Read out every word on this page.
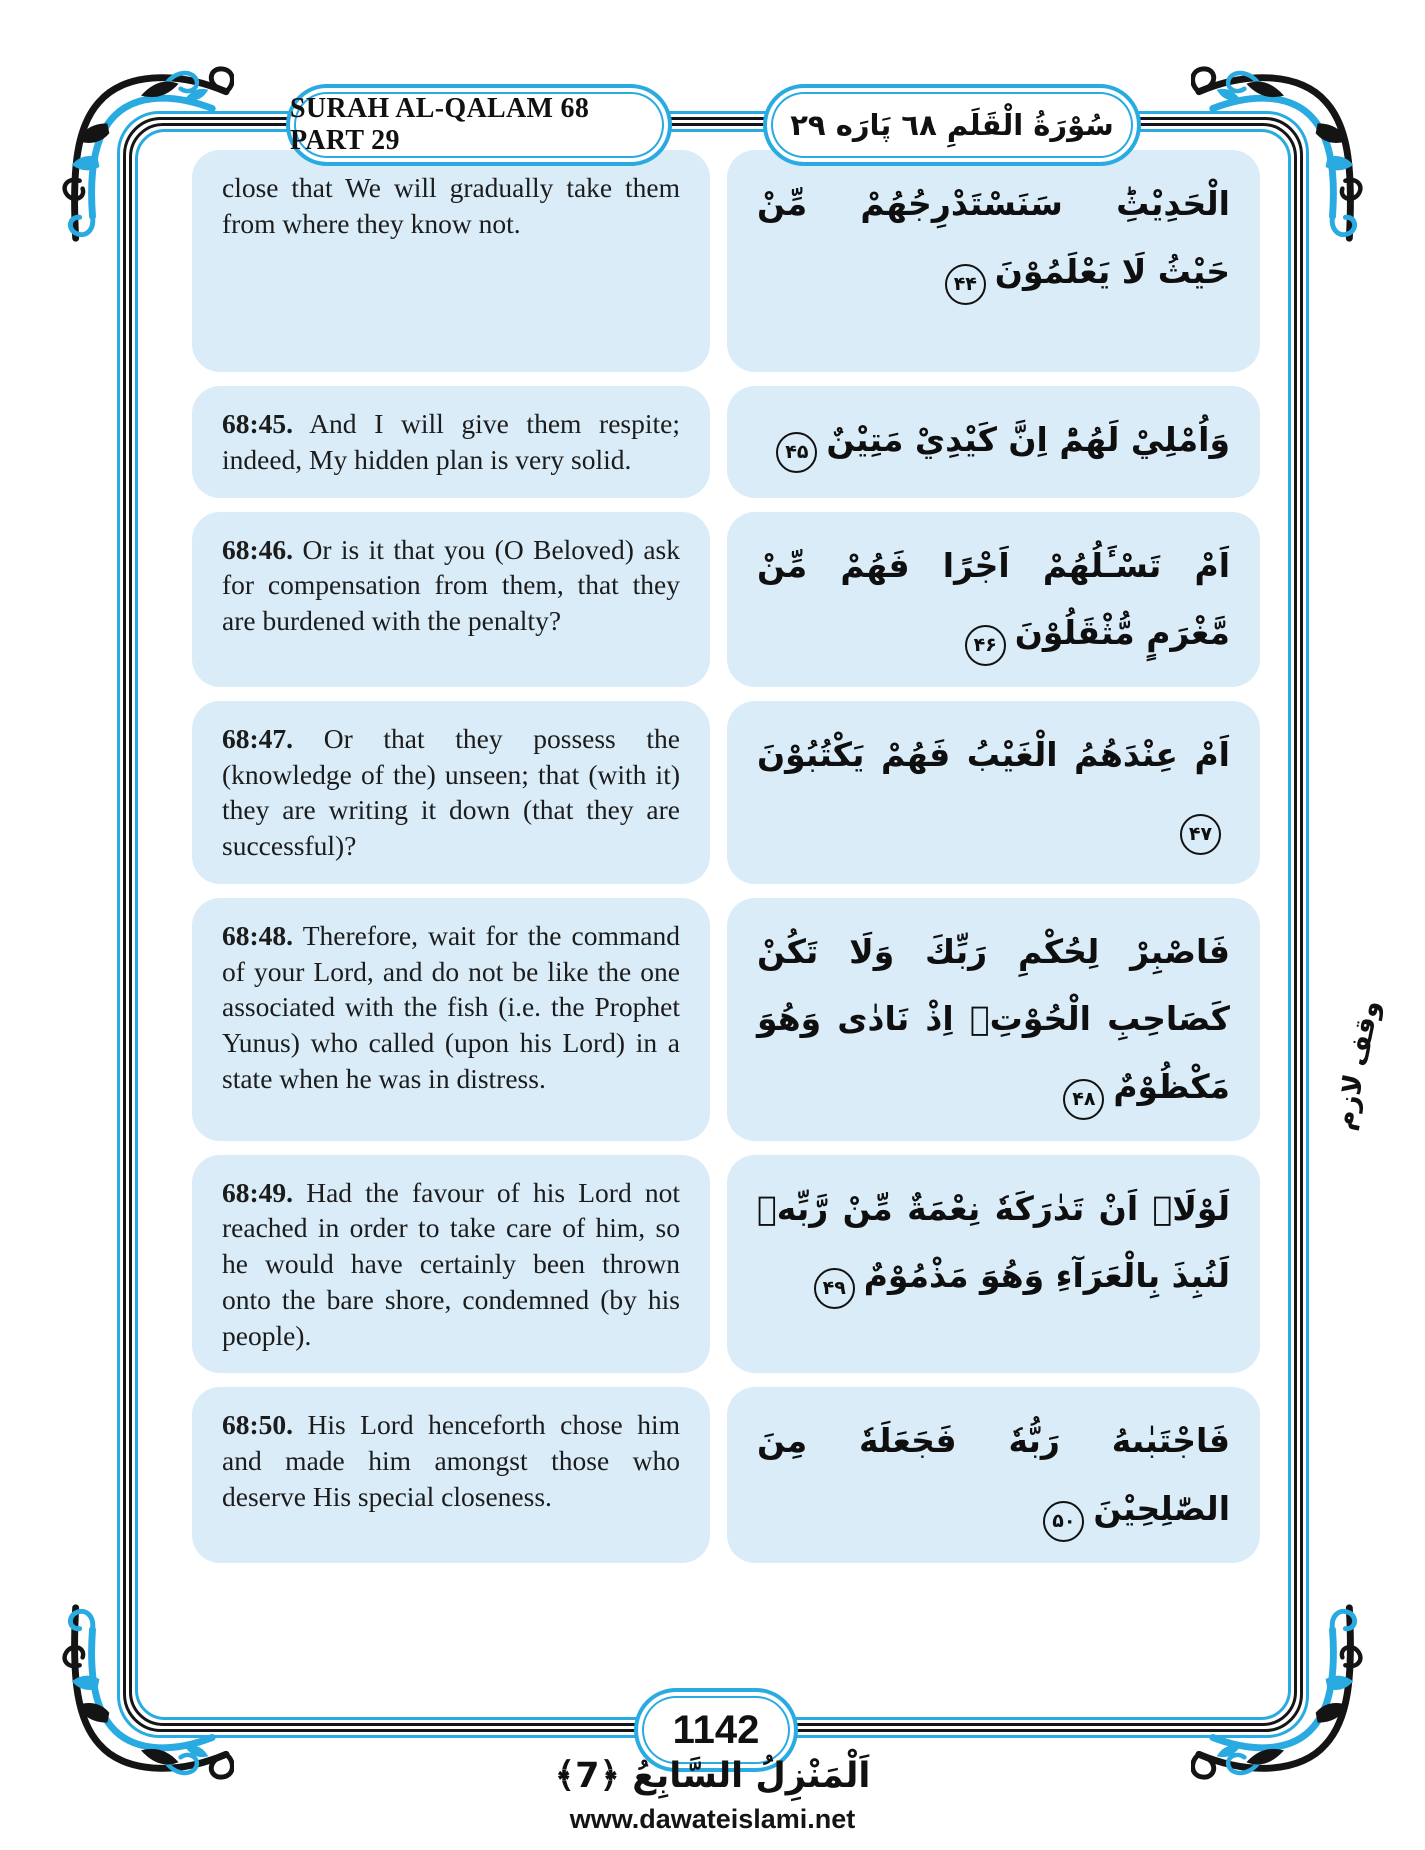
SURAH AL-QALAM 68 PART 29	سُوْرَةُ الْقَلَمِ ٦٨ پَارَه ٢٩
close that We will gradually take them from where they know not.
الْحَدِيْثِؕ سَنَسْتَدْرِجُهُمْ مِّنْ حَيْثُ لَا يَعْلَمُوْنَ۴۴
68:45. And I will give them respite; indeed, My hidden plan is very solid.
وَاُمْلِيْ لَهُمْؕ اِنَّ كَيْدِيْ مَتِيْنٌ۴۵
68:46. Or is it that you (O Beloved) ask for compensation from them, that they are burdened with the penalty?
اَمْ تَسْـَٔلُهُمْ اَجْرًا فَهُمْ مِّنْ مَّغْرَمٍ مُّثْقَلُوْنَ۴۶
68:47. Or that they possess the (knowledge of the) unseen; that (with it) they are writing it down (that they are successful)?
اَمْ عِنْدَهُمُ الْغَيْبُ فَهُمْ يَكْتُبُوْنَ۴۷
68:48. Therefore, wait for the command of your Lord, and do not be like the one associated with the fish (i.e. the Prophet Yunus) who called (upon his Lord) in a state when he was in distress.
فَاصْبِرْ لِحُكْمِ رَبِّكَ وَلَا تَكُنْ كَصَاحِبِ الْحُوْتِۘ اِذْ نَادٰى وَهُوَ مَكْظُوْمٌ۴۸
68:49. Had the favour of his Lord not reached in order to take care of him, so he would have certainly been thrown onto the bare shore, condemned (by his people).
لَوْلَاۤ اَنْ تَدٰرَكَهٗ نِعْمَةٌ مِّنْ رَّبِّهٖ لَنُبِذَ بِالْعَرَآءِ وَهُوَ مَذْمُوْمٌ۴۹
68:50. His Lord henceforth chose him and made him amongst those who deserve His special closeness.
فَاجْتَبٰىهُ رَبُّهٗ فَجَعَلَهٗ مِنَ الصّٰلِحِيْنَ۵۰
وقف لازم
1142
اَلْمَنْزِلُ السَّابِعُ ﴿7﴾
www.dawateislami.net
